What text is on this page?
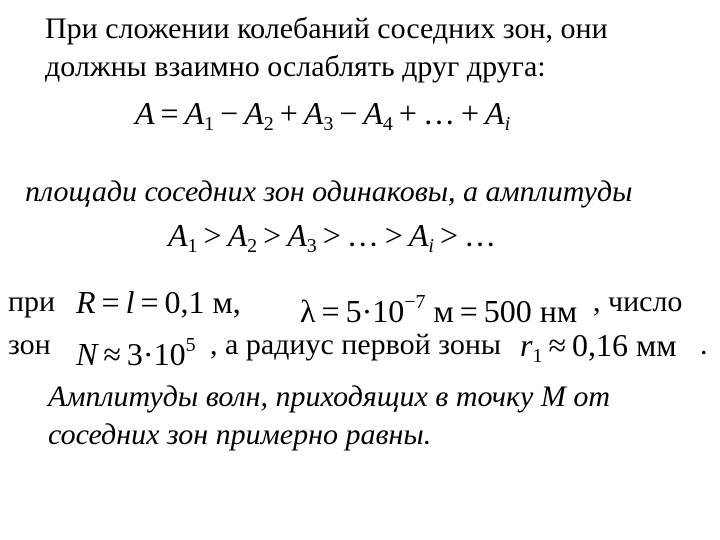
При сложении колебаний соседних зон, они
должны взаимно ослаблять друг друга:
$A = A_1 - A_2 + A_3 - A_4$ + … + $A_i$
площади соседних зон одинаковы, а амплитуды
$A_1 > A_2 > A_3$ > … > $A_i$ > …
при R = l = 0,1 м, $\lambda = 5\cdot 10^{-7}$ м = 500 нм , число
зон $N \approx 3\cdot 10^5$ , а радиус первой зоны $r_1 \approx 0,16$ мм .
Амплитуды волн, приходящих в точку М от
соседних зон примерно равны.
